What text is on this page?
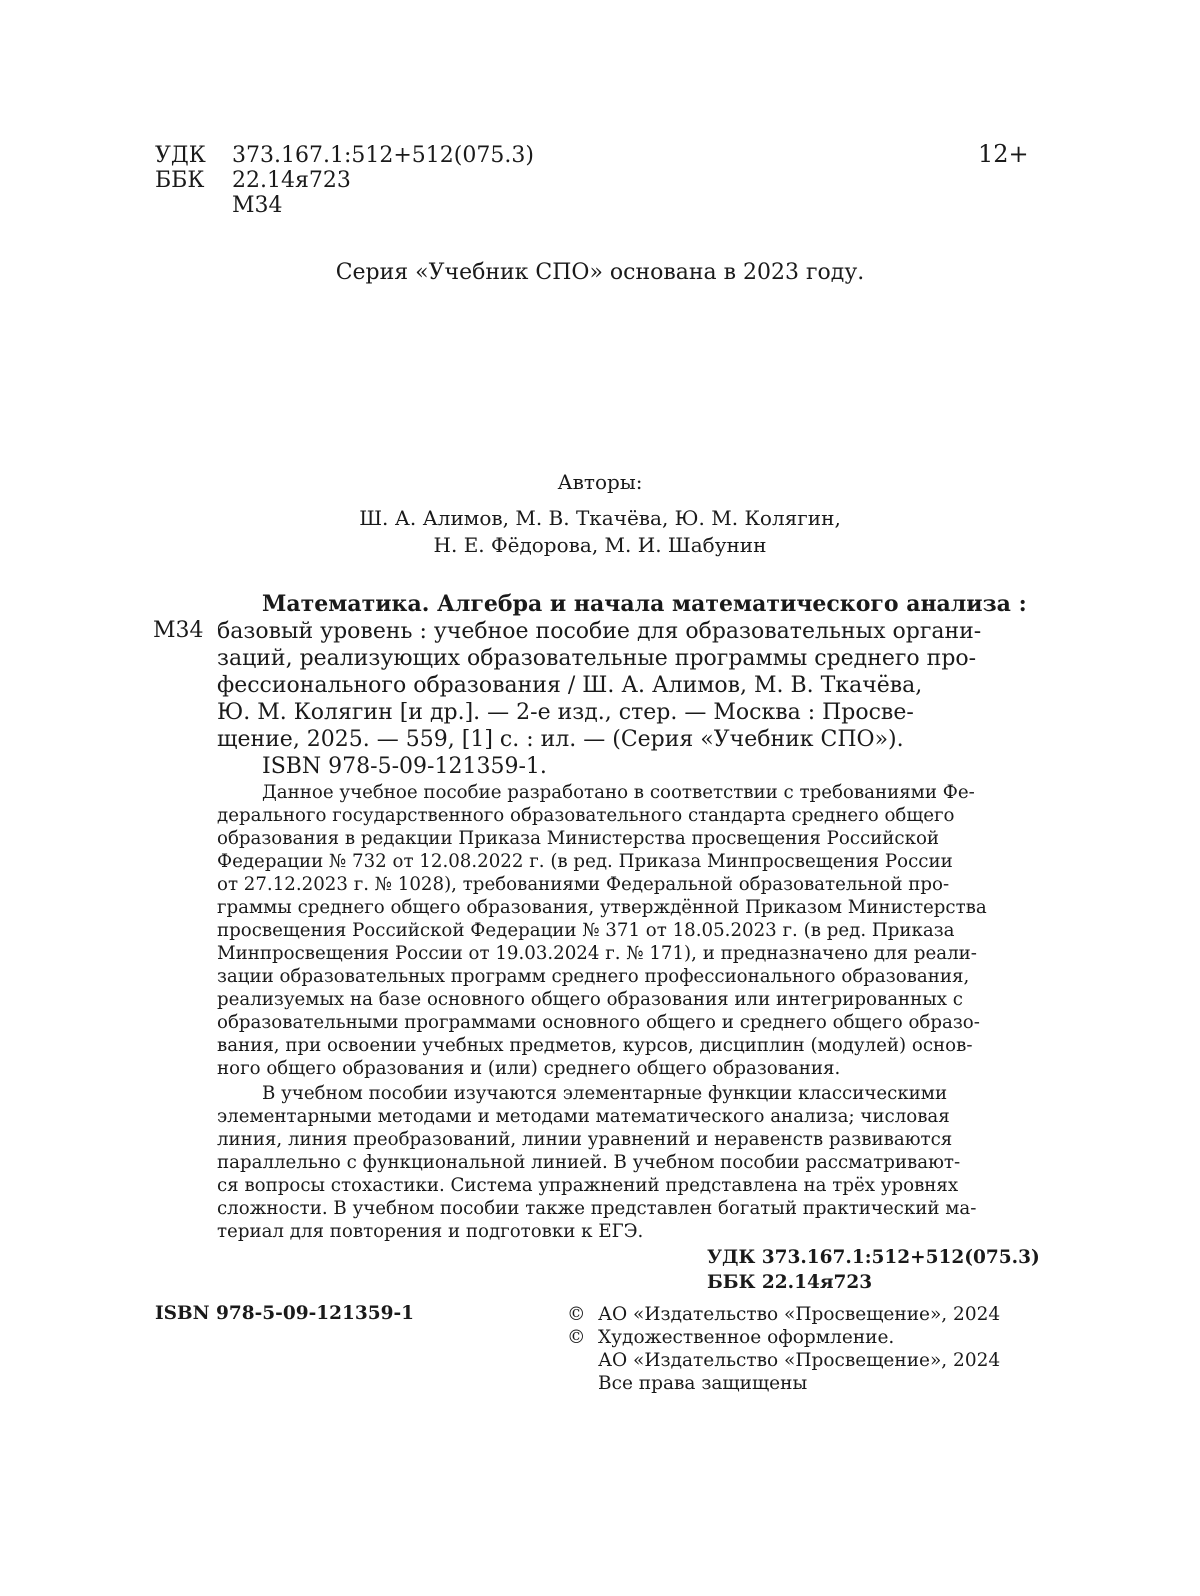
УДК 373.167.1:512+512(075.3)
ББК 22.14я723
М34
12+
Серия «Учебник СПО» основана в 2023 году.
Авторы:
Ш. А. Алимов, М. В. Ткачёва, Ю. М. Колягин,
Н. Е. Фёдорова, М. И. Шабунин
М34
Математика. Алгебра и начала математического анализа :
базовый уровень : учебное пособие для образовательных органи-
заций, реализующих образовательные программы среднего про-
фессионального образования / Ш. А. Алимов, М. В. Ткачёва,
Ю. М. Колягин [и др.]. — 2-е изд., стер. — Москва : Просве-
щение, 2025. — 559, [1] с. : ил. — (Серия «Учебник СПО»).
ISBN 978-5-09-121359-1.
Данное учебное пособие разработано в соответствии с требованиями Фе-
дерального государственного образовательного стандарта среднего общего
образования в редакции Приказа Министерства просвещения Российской
Федерации № 732 от 12.08.2022 г. (в ред. Приказа Минпросвещения России
от 27.12.2023 г. № 1028), требованиями Федеральной образовательной про-
граммы среднего общего образования, утверждённой Приказом Министерства
просвещения Российской Федерации № 371 от 18.05.2023 г. (в ред. Приказа
Минпросвещения России от 19.03.2024 г. № 171), и предназначено для реали-
зации образовательных программ среднего профессионального образования,
реализуемых на базе основного общего образования или интегрированных с
образовательными программами основного общего и среднего общего образо-
вания, при освоении учебных предметов, курсов, дисциплин (модулей) основ-
ного общего образования и (или) среднего общего образования.
В учебном пособии изучаются элементарные функции классическими
элементарными методами и методами математического анализа; числовая
линия, линия преобразований, линии уравнений и неравенств развиваются
параллельно с функциональной линией. В учебном пособии рассматривают-
ся вопросы стохастики. Система упражнений представлена на трёх уровнях
сложности. В учебном пособии также представлен богатый практический ма-
териал для повторения и подготовки к ЕГЭ.
УДК 373.167.1:512+512(075.3)
ББК 22.14я723
ISBN 978-5-09-121359-1	© АО «Издательство «Просвещение», 2024
© Художественное оформление.
АО «Издательство «Просвещение», 2024
Все права защищены
